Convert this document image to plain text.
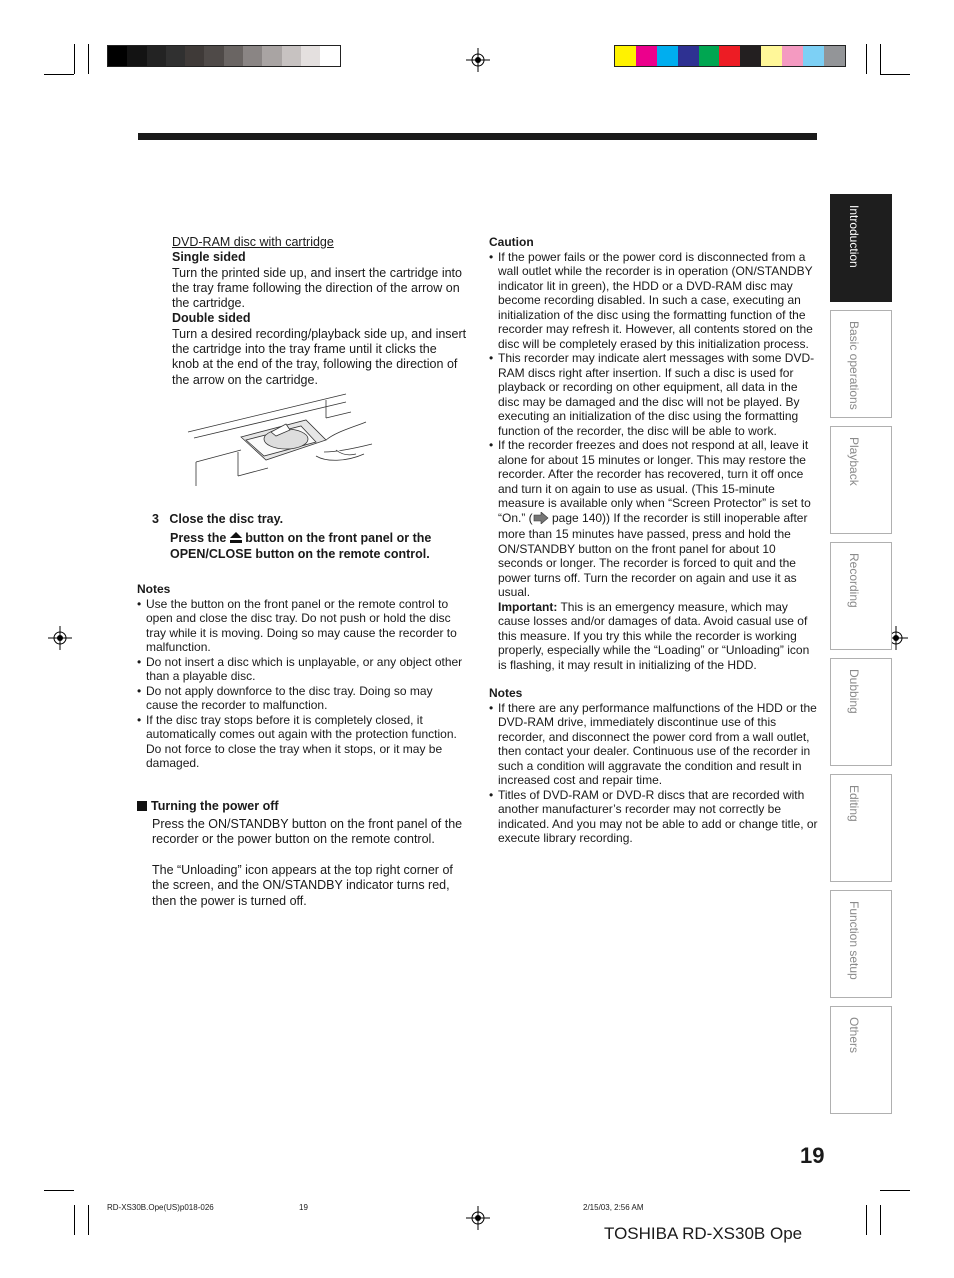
DVD-RAM disc with cartridge

Single sided

Turn the printed side up, and insert the cartridge into the tray frame following the direction of the arrow on the cartridge.

Double sided

Turn a desired recording/playback side up, and insert the cartridge into the tray frame until it clicks the knob at the end of the tray, following the direction of the arrow on the cartridge.

3 Close the disc tray.

Press the button on the front panel or the
OPEN/CLOSE button on the remote control.

Notes

• Use the button on the front panel or the remote control to open and close the disc tray. Do not push or hold the disc tray while it is moving. Doing so may cause the recorder to malfunction.

• Do not insert a disc which is unplayable, or any object other than a playable disc.

• Do not apply downforce to the disc tray. Doing so may cause the recorder to malfunction.

• If the disc tray stops before it is completely closed, it automatically comes out again with the protection function. Do not force to close the tray when it stops, or it may be damaged.

Turning the power off

Press the ON/STANDBY button on the front panel of the recorder or the power button on the remote control.

The “Unloading” icon appears at the top right corner of the screen, and the ON/STANDBY indicator turns red, then the power is turned off.

Caution

• If the power fails or the power cord is disconnected from a wall outlet while the recorder is in operation (ON/STANDBY indicator lit in green), the HDD or a DVD-RAM disc may become recording disabled. In such a case, executing an initialization of the disc using the formatting function of the recorder may refresh it. However, all contents stored on the disc will be completely erased by this initialization process.

• This recorder may indicate alert messages with some DVD-RAM discs right after insertion. If such a disc is used for playback or recording on other equipment, all data in the disc may be damaged and the disc will not be played. By executing an initialization of the disc using the formatting function of the recorder, the disc will be able to work.

• If the recorder freezes and does not respond at all, leave it alone for about 15 minutes or longer. This may restore the recorder. After the recorder has recovered, turn it off once and turn it on again to use as usual. (This 15-minute measure is available only when “Screen Protector” is set to “On.” ( page 140)) If the recorder is still inoperable after more than 15 minutes have passed, press and hold the ON/STANDBY button on the front panel for about 10 seconds or longer. The recorder is forced to quit and the power turns off. Turn the recorder on again and use it as usual.

Important: This is an emergency measure, which may cause losses and/or damages of data. Avoid casual use of this measure. If you try this while the recorder is working properly, especially while the “Loading” or “Unloading” icon is flashing, it may result in initializing of the HDD.

Notes

• If there are any performance malfunctions of the HDD or the DVD-RAM drive, immediately discontinue use of this recorder, and disconnect the power cord from a wall outlet, then contact your dealer. Continuous use of the recorder in such a condition will aggravate the condition and result in increased cost and repair time.

• Titles of DVD-RAM or DVD-R discs that are recorded with another manufacturer’s recorder may not correctly be indicated. And you may not be able to add or change title, or execute library recording.

Introduction
Basic operations
Playback
Recording
Dubbing
Editing
Function setup
Others
19
RD-XS30B.Ope(US)p018-026	19	2/15/03, 2:56 AM
TOSHIBA RD-XS30B Ope
